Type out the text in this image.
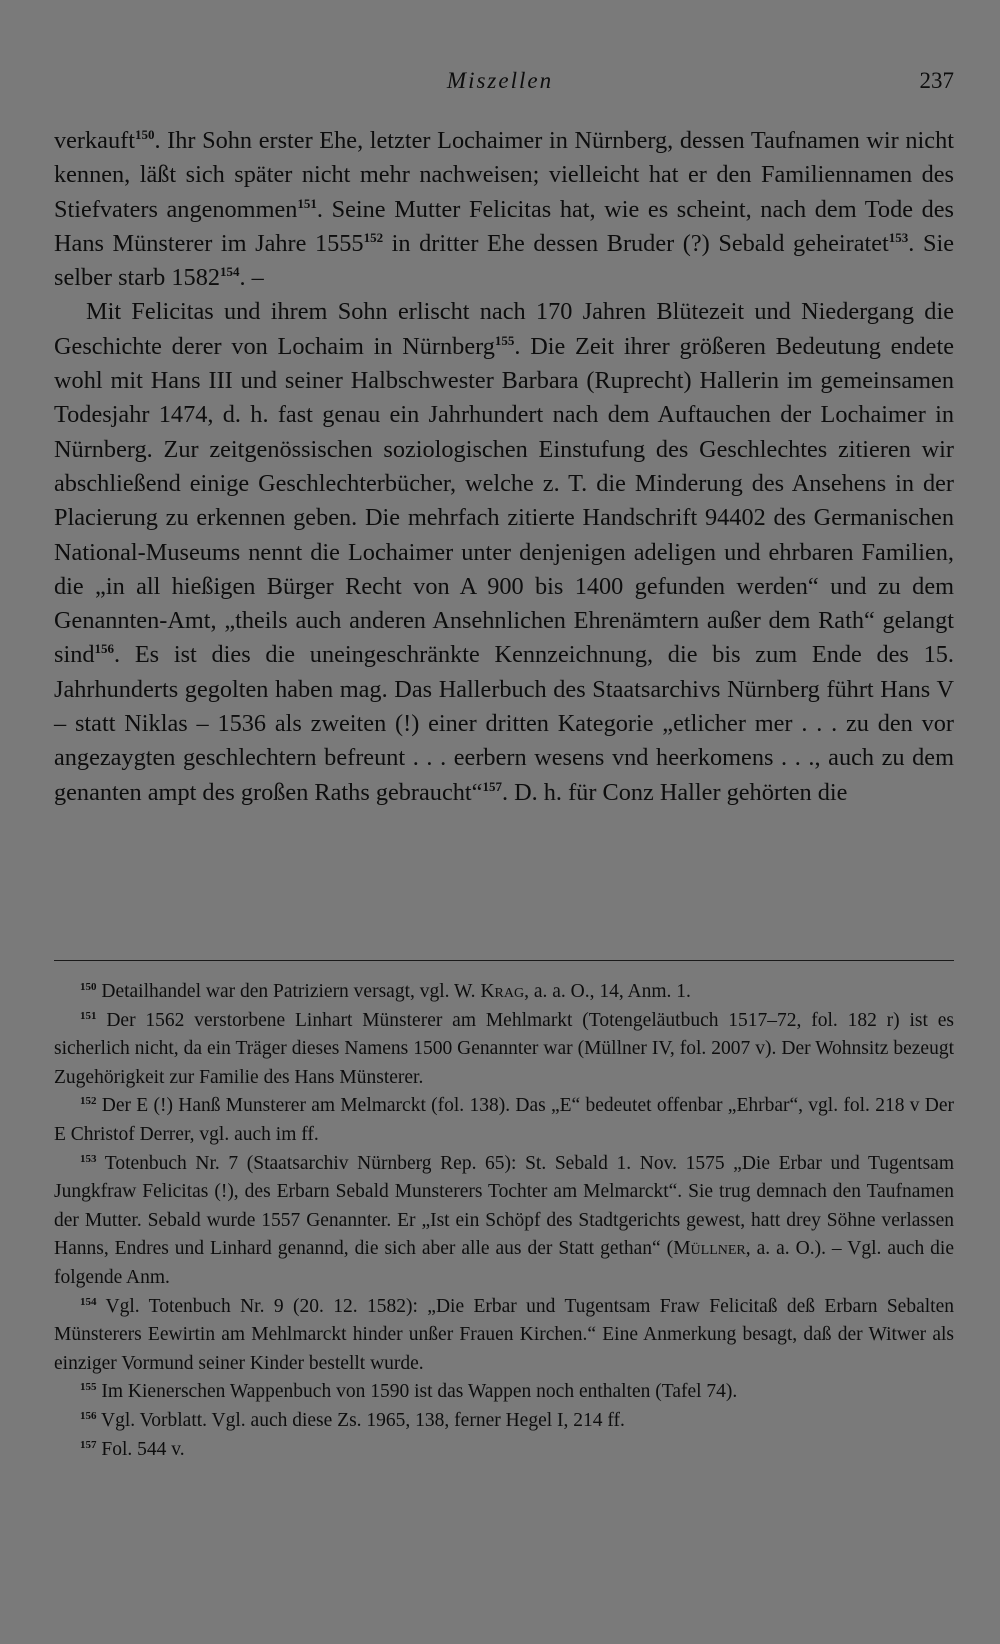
Miszellen	237

verkauft$^{150}$. Ihr Sohn erster Ehe, letzter Lochaimer in Nürnberg, dessen Taufnamen wir nicht kennen, läßt sich später nicht mehr nachweisen; vielleicht hat er den Familiennamen des Stiefvaters angenommen$^{151}$. Seine Mutter Felicitas hat, wie es scheint, nach dem Tode des Hans Münsterer im Jahre 1555$^{152}$ in dritter Ehe dessen Bruder (?) Sebald geheiratet$^{153}$. Sie selber starb 1582$^{154}$. –

Mit Felicitas und ihrem Sohn erlischt nach 170 Jahren Blütezeit und Niedergang die Geschichte derer von Lochaim in Nürnberg$^{155}$. Die Zeit ihrer größeren Bedeutung endete wohl mit Hans III und seiner Halbschwester Barbara (Ruprecht) Hallerin im gemeinsamen Todesjahr 1474, d. h. fast genau ein Jahrhundert nach dem Auftauchen der Lochaimer in Nürnberg. Zur zeitgenössischen soziologischen Einstufung des Geschlechtes zitieren wir abschließend einige Geschlechterbücher, welche z. T. die Minderung des Ansehens in der Placierung zu erkennen geben. Die mehrfach zitierte Handschrift 94402 des Germanischen National-Museums nennt die Lochaimer unter denjenigen adeligen und ehrbaren Familien, die „in all hießigen Bürger Recht von A 900 bis 1400 gefunden werden“ und zu dem Genannten-Amt, „theils auch anderen Ansehnlichen Ehrenämtern außer dem Rath“ gelangt sind$^{156}$. Es ist dies die uneingeschränkte Kennzeichnung, die bis zum Ende des 15. Jahrhunderts gegolten haben mag. Das Hallerbuch des Staatsarchivs Nürnberg führt Hans V – statt Niklas – 1536 als zweiten (!) einer dritten Kategorie „etlicher mer . . . zu den vor angezaygten geschlechtern befreunt . . . eerbern wesens vnd heerkomens . . ., auch zu dem genanten ampt des großen Raths gebraucht“$^{157}$. D. h. für Conz Haller gehörten die

$^{150}$ Detailhandel war den Patriziern versagt, vgl. W. Krag, a. a. O., 14, Anm. 1.

$^{151}$ Der 1562 verstorbene Linhart Münsterer am Mehlmarkt (Totengeläutbuch 1517–72, fol. 182 r) ist es sicherlich nicht, da ein Träger dieses Namens 1500 Genannter war (Müllner IV, fol. 2007 v). Der Wohnsitz bezeugt Zugehörigkeit zur Familie des Hans Münsterer.

$^{152}$ Der E (!) Hanß Munsterer am Melmarckt (fol. 138). Das „E“ bedeutet offenbar „Ehrbar“, vgl. fol. 218 v Der E Christof Derrer, vgl. auch im ff.

$^{153}$ Totenbuch Nr. 7 (Staatsarchiv Nürnberg Rep. 65): St. Sebald 1. Nov. 1575 „Die Erbar und Tugentsam Jungkfraw Felicitas (!), des Erbarn Sebald Munsterers Tochter am Melmarckt“. Sie trug demnach den Taufnamen der Mutter. Sebald wurde 1557 Genannter. Er „Ist ein Schöpf des Stadtgerichts gewest, hatt drey Söhne verlassen Hanns, Endres und Linhard genannd, die sich aber alle aus der Statt gethan“ (Müllner, a. a. O.). – Vgl. auch die folgende Anm.

$^{154}$ Vgl. Totenbuch Nr. 9 (20. 12. 1582): „Die Erbar und Tugentsam Fraw Felicitaß deß Erbarn Sebalten Münsterers Eewirtin am Mehlmarckt hinder unßer Frauen Kirchen.“ Eine Anmerkung besagt, daß der Witwer als einziger Vormund seiner Kinder bestellt wurde.

$^{155}$ Im Kienerschen Wappenbuch von 1590 ist das Wappen noch enthalten (Tafel 74).

$^{156}$ Vgl. Vorblatt. Vgl. auch diese Zs. 1965, 138, ferner Hegel I, 214 ff.

$^{157}$ Fol. 544 v.
